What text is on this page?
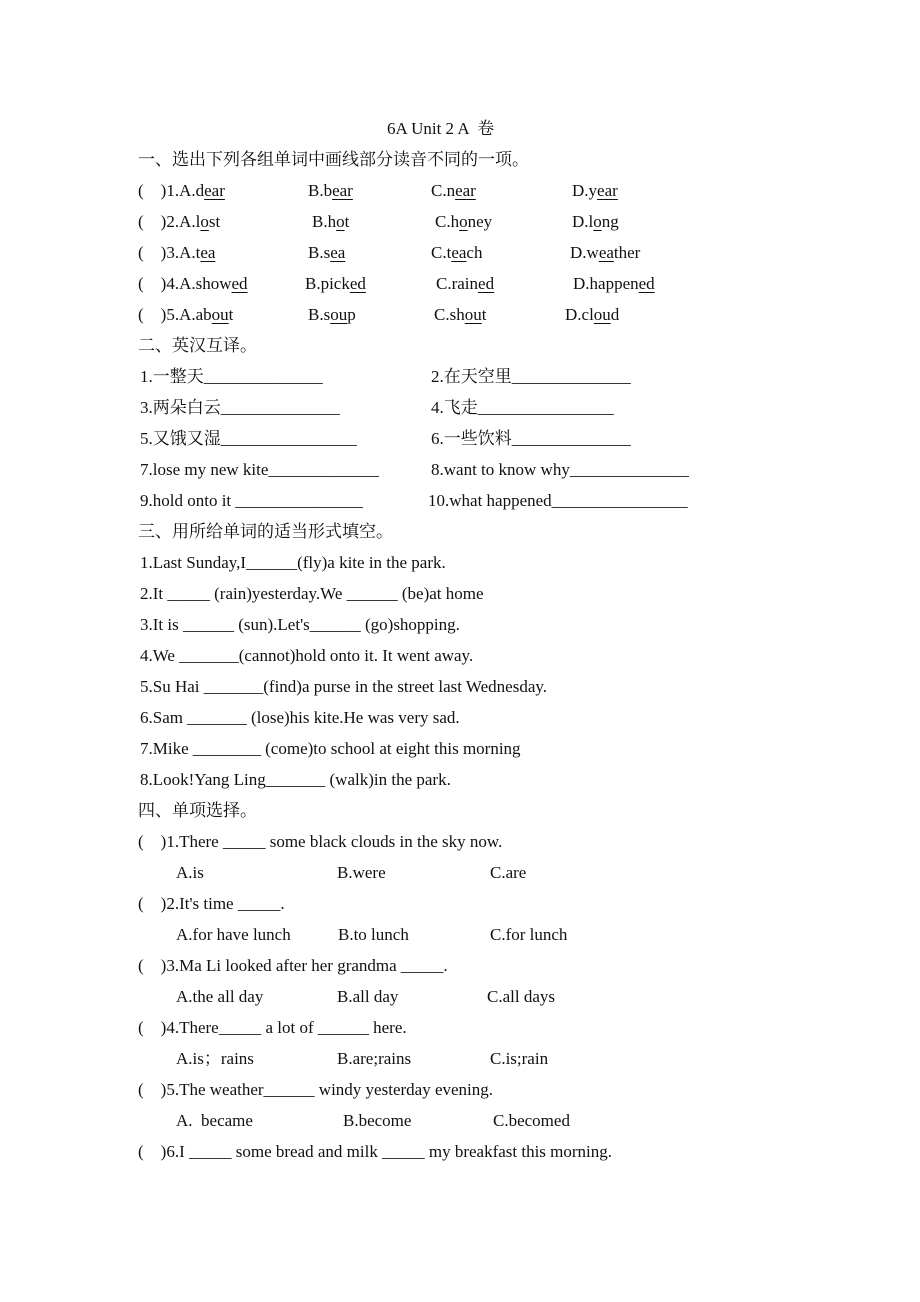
6A Unit 2 A  卷
一、选出下列各组单词中画线部分读音不同的一项。
(    )1.A.dear	B.bear	C.near	D.year
(    )2.A.lost	B.hot	C.honey	D.long
(    )3.A.tea	B.sea	C.teach	D.weather
(    )4.A.showed	B.picked	C.rained	D.happened
(    )5.A.about	B.soup	C.shout	D.cloud
二、英汉互译。
1.一整天______________	2.在天空里______________
3.两朵白云______________	4.飞走________________
5.又饿又湿________________	6.一些饮料______________
7.lose my new kite_____________	8.want to know why______________
9.hold onto it _______________	10.what happened________________
三、用所给单词的适当形式填空。
1.Last Sunday,I______(fly)a kite in the park.
2.It _____ (rain)yesterday.We ______ (be)at home
3.It is ______ (sun).Let's______ (go)shopping.
4.We _______(cannot)hold onto it. It went away.
5.Su Hai _______(find)a purse in the street last Wednesday.
6.Sam _______ (lose)his kite.He was very sad.
7.Mike ________ (come)to school at eight this morning
8.Look!Yang Ling_______ (walk)in the park.
四、单项选择。
(    )1.There _____ some black clouds in the sky now.
A.is	B.were	C.are
(    )2.It's time _____.
A.for have lunch	B.to lunch	C.for lunch
(    )3.Ma Li looked after her grandma _____.
A.the all day	B.all day	C.all days
(    )4.There_____ a lot of ______ here.
A.is；rains	B.are;rains	C.is;rain
(    )5.The weather______ windy yesterday evening.
A.  became	B.become	C.becomed
(    )6.I _____ some bread and milk _____ my breakfast this morning.
